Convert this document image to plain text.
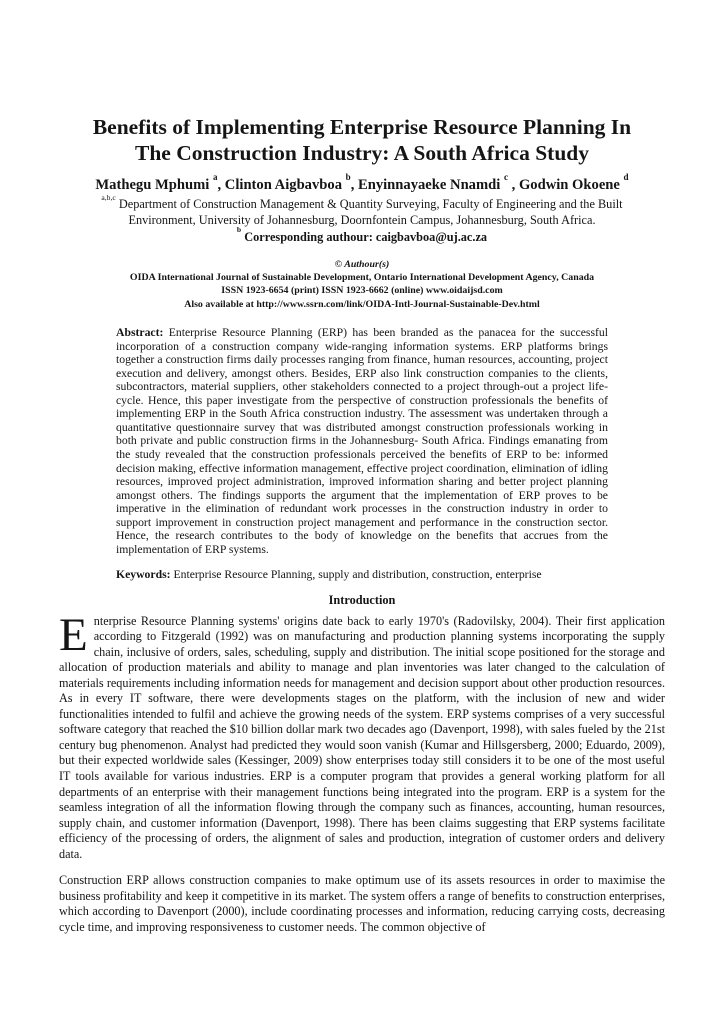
Benefits of Implementing Enterprise Resource Planning In
The Construction Industry: A South Africa Study
Mathegu Mphumi $^a$, Clinton Aigbavboa $^b$, Enyinnayaeke Nnamdi $^c$ , Godwin Okoene $^d$
$^{a,b,c}$ Department of Construction Management & Quantity Surveying, Faculty of Engineering and the Built Environment, University of Johannesburg, Doornfontein Campus, Johannesburg, South Africa.
$^b$ Corresponding authour: caigbavboa@uj.ac.za
© Authour(s)
OIDA International Journal of Sustainable Development, Ontario International Development Agency, Canada
ISSN 1923-6654 (print) ISSN 1923-6662 (online) www.oidaijsd.com
Also available at http://www.ssrn.com/link/OIDA-Intl-Journal-Sustainable-Dev.html

Abstract: Enterprise Resource Planning (ERP) has been branded as the panacea for the successful incorporation of a construction company wide-ranging information systems. ERP platforms brings together a construction firms daily processes ranging from finance, human resources, accounting, project execution and delivery, amongst others. Besides, ERP also link construction companies to the clients, subcontractors, material suppliers, other stakeholders connected to a project through-out a project life-cycle. Hence, this paper investigate from the perspective of construction professionals the benefits of implementing ERP in the South Africa construction industry. The assessment was undertaken through a quantitative questionnaire survey that was distributed amongst construction professionals working in both private and public construction firms in the Johannesburg- South Africa. Findings emanating from the study revealed that the construction professionals perceived the benefits of ERP to be: informed decision making, effective information management, effective project coordination, elimination of idling resources, improved project administration, improved information sharing and better project planning amongst others. The findings supports the argument that the implementation of ERP proves to be imperative in the elimination of redundant work processes in the construction industry in order to support improvement in construction project management and performance in the construction sector. Hence, the research contributes to the body of knowledge on the benefits that accrues from the implementation of ERP systems.

Keywords: Enterprise Resource Planning, supply and distribution, construction, enterprise

Introduction

Enterprise Resource Planning systems' origins date back to early 1970's (Radovilsky, 2004). Their first application according to Fitzgerald (1992) was on manufacturing and production planning systems incorporating the supply chain, inclusive of orders, sales, scheduling, supply and distribution. The initial scope positioned for the storage and allocation of production materials and ability to manage and plan inventories was later changed to the calculation of materials requirements including information needs for management and decision support about other production resources. As in every IT software, there were developments stages on the platform, with the inclusion of new and wider functionalities intended to fulfil and achieve the growing needs of the system. ERP systems comprises of a very successful software category that reached the $10 billion dollar mark two decades ago (Davenport, 1998), with sales fueled by the 21st century bug phenomenon. Analyst had predicted they would soon vanish (Kumar and Hillsgersberg, 2000; Eduardo, 2009), but their expected worldwide sales (Kessinger, 2009) show enterprises today still considers it to be one of the most useful IT tools available for various industries. ERP is a computer program that provides a general working platform for all departments of an enterprise with their management functions being integrated into the program. ERP is a system for the seamless integration of all the information flowing through the company such as finances, accounting, human resources, supply chain, and customer information (Davenport, 1998). There has been claims suggesting that ERP systems facilitate efficiency of the processing of orders, the alignment of sales and production, integration of customer orders and delivery data.

Construction ERP allows construction companies to make optimum use of its assets resources in order to maximise the business profitability and keep it competitive in its market. The system offers a range of benefits to construction enterprises, which according to Davenport (2000), include coordinating processes and information, reducing carrying costs, decreasing cycle time, and improving responsiveness to customer needs. The common objective of
